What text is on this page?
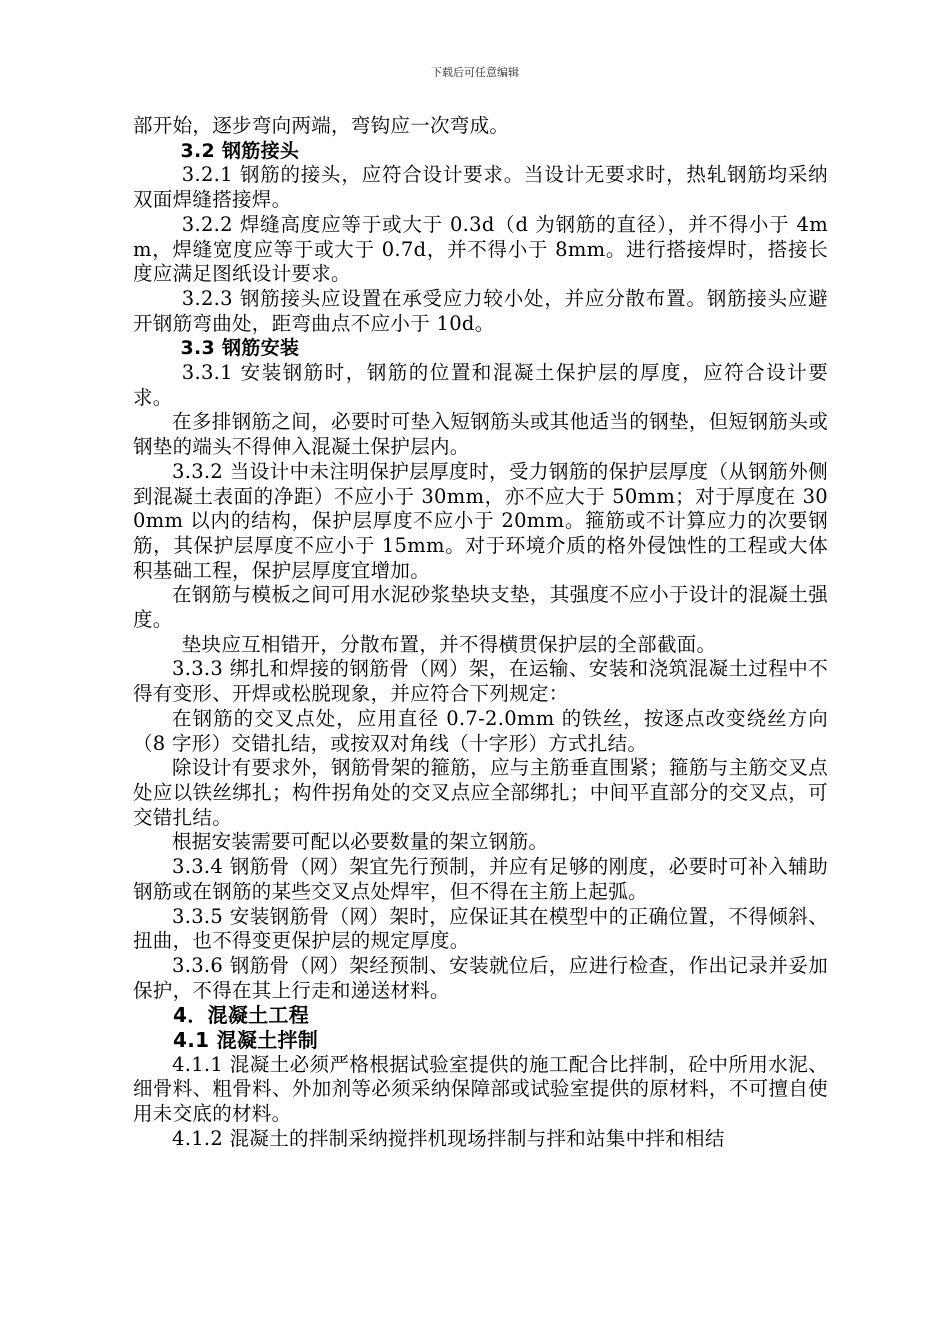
下载后可任意编辑

部开始，逐步弯向两端，弯钩应一次弯成。

3.2 钢筋接头

3.2.1 钢筋的接头，应符合设计要求。当设计无要求时，热轧钢筋均采纳双面焊缝搭接焊。

3.2.2 焊缝高度应等于或大于 0.3d（d 为钢筋的直径），并不得小于 4mm，焊缝宽度应等于或大于 0.7d，并不得小于 8mm。进行搭接焊时，搭接长度应满足图纸设计要求。

3.2.3 钢筋接头应设置在承受应力较小处，并应分散布置。钢筋接头应避开钢筋弯曲处，距弯曲点不应小于 10d。

3.3 钢筋安装

3.3.1 安装钢筋时，钢筋的位置和混凝土保护层的厚度，应符合设计要求。

在多排钢筋之间，必要时可垫入短钢筋头或其他适当的钢垫，但短钢筋头或钢垫的端头不得伸入混凝土保护层内。

3.3.2 当设计中未注明保护层厚度时，受力钢筋的保护层厚度（从钢筋外侧到混凝土表面的净距）不应小于 30mm，亦不应大于 50mm；对于厚度在 300mm 以内的结构，保护层厚度不应小于 20mm。箍筋或不计算应力的次要钢筋，其保护层厚度不应小于 15mm。对于环境介质的格外侵蚀性的工程或大体积基础工程，保护层厚度宜增加。

在钢筋与模板之间可用水泥砂浆垫块支垫，其强度不应小于设计的混凝土强度。

垫块应互相错开，分散布置，并不得横贯保护层的全部截面。

3.3.3 绑扎和焊接的钢筋骨（网）架，在运输、安装和浇筑混凝土过程中不得有变形、开焊或松脱现象，并应符合下列规定：

在钢筋的交叉点处，应用直径 0.7-2.0mm 的铁丝，按逐点改变绕丝方向（8 字形）交错扎结，或按双对角线（十字形）方式扎结。

除设计有要求外，钢筋骨架的箍筋，应与主筋垂直围紧；箍筋与主筋交叉点处应以铁丝绑扎；构件拐角处的交叉点应全部绑扎；中间平直部分的交叉点，可交错扎结。

根据安装需要可配以必要数量的架立钢筋。

3.3.4 钢筋骨（网）架宜先行预制，并应有足够的刚度，必要时可补入辅助钢筋或在钢筋的某些交叉点处焊牢，但不得在主筋上起弧。

3.3.5 安装钢筋骨（网）架时，应保证其在模型中的正确位置，不得倾斜、扭曲，也不得变更保护层的规定厚度。

3.3.6 钢筋骨（网）架经预制、安装就位后，应进行检查，作出记录并妥加保护，不得在其上行走和递送材料。

4．混凝土工程

4.1 混凝土拌制

4.1.1 混凝土必须严格根据试验室提供的施工配合比拌制，砼中所用水泥、细骨料、粗骨料、外加剂等必须采纳保障部或试验室提供的原材料，不可擅自使用未交底的材料。

4.1.2 混凝土的拌制采纳搅拌机现场拌制与拌和站集中拌和相结
